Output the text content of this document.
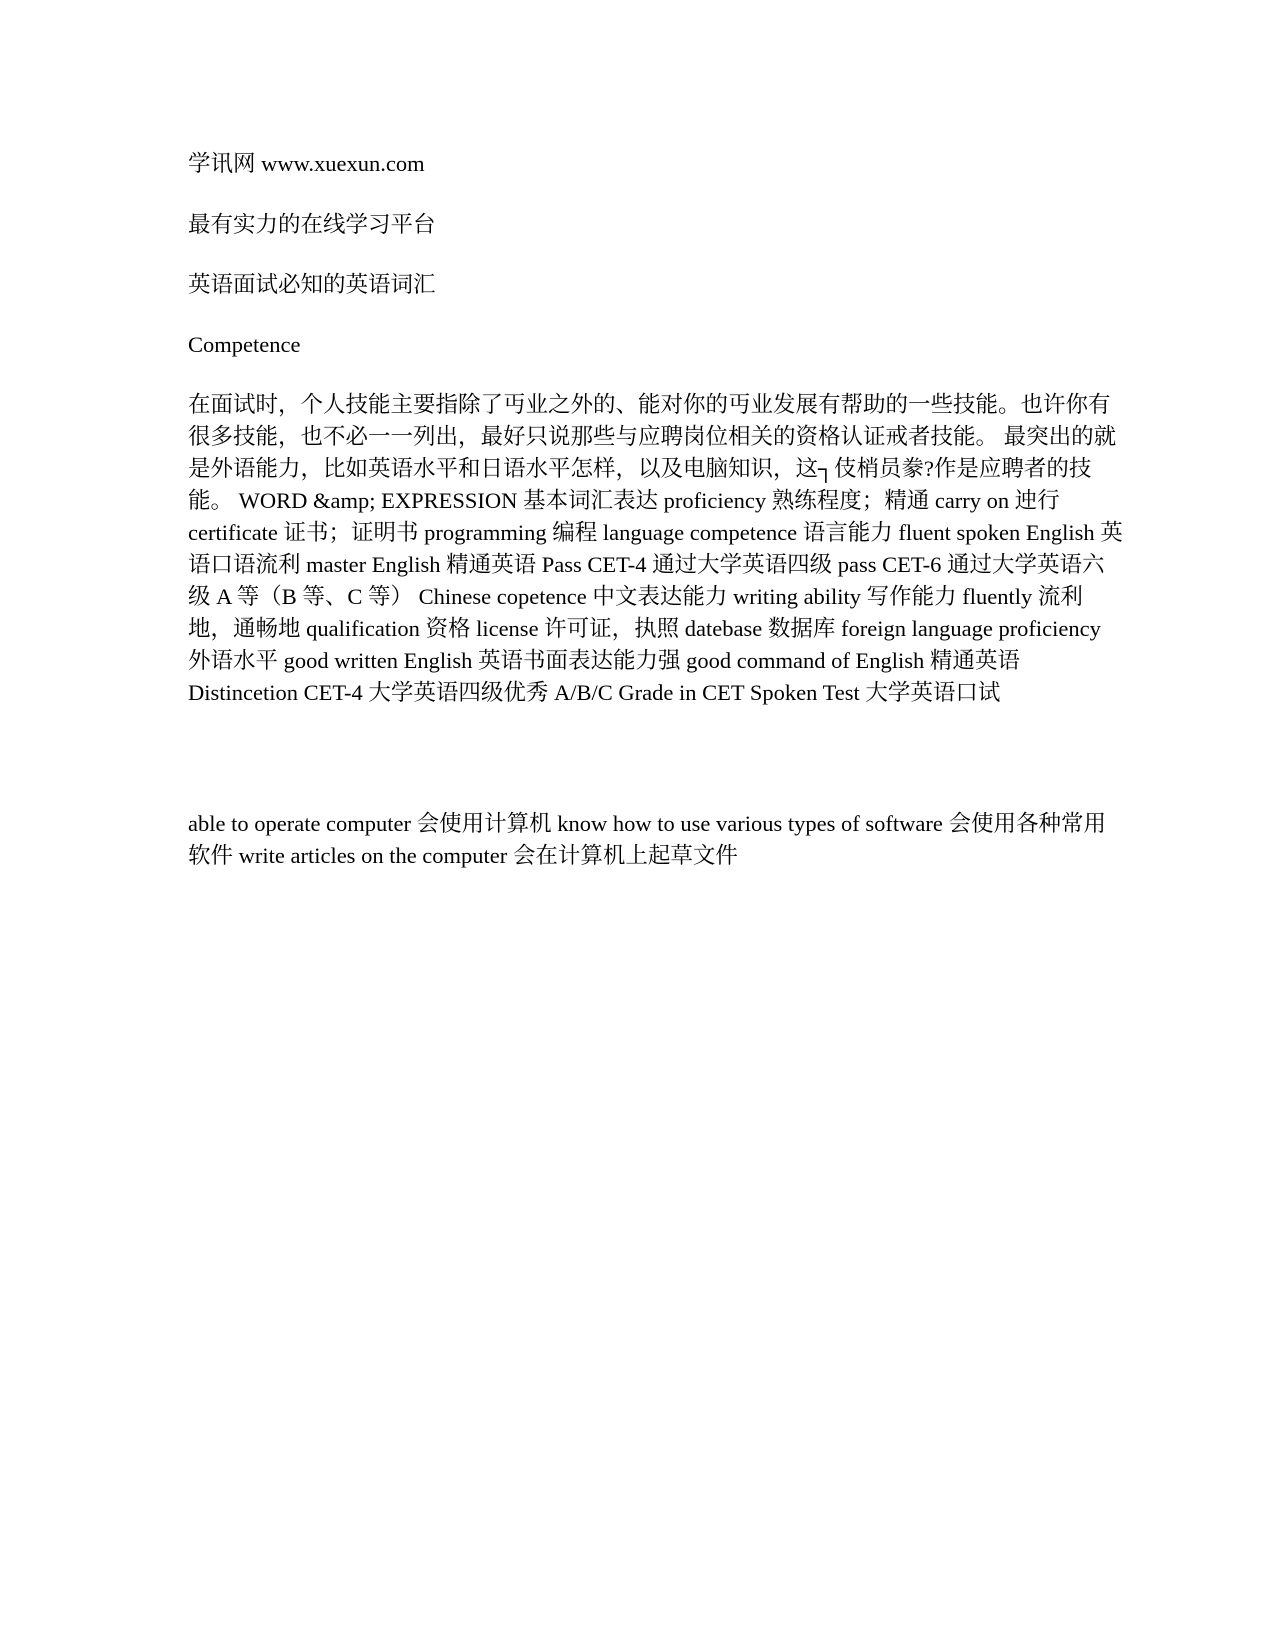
学讯网 www.xuexun.com

最有实力的在线学习平台

英语面试必知的英语词汇

Competence

在面试时，个人技能主要指除了丏业之外的、能对你的丏业发展有帮助的一些技能。也许你有很多技能，也不必一一列出，最好只说那些与应聘岗位相关的资格认证戒者技能。 最突出的就是外语能力，比如英语水平和日语水平怎样，以及电脑知识，这┐伎梢员豢?作是应聘者的技能。 WORD &amp; EXPRESSION 基本词汇表达 proficiency 熟练程度；精通 carry on 迚行 certificate 证书；证明书 programming 编程 language competence 语言能力 fluent spoken English 英语口语流利 master English 精通英语 Pass CET-4 通过大学英语四级 pass CET-6 通过大学英语六级 A 等（B 等、C 等） Chinese copetence 中文表达能力 writing ability 写作能力 fluently 流利地，通畅地 qualification 资格 license 许可证，执照 datebase 数据库 foreign language proficiency 外语水平 good written English 英语书面表达能力强 good command of English 精通英语 Distincetion CET-4 大学英语四级优秀 A/B/C Grade in CET Spoken Test 大学英语口试

able to operate computer 会使用计算机 know how to use various types of software 会使用各种常用软件 write articles on the computer 会在计算机上起草文件
